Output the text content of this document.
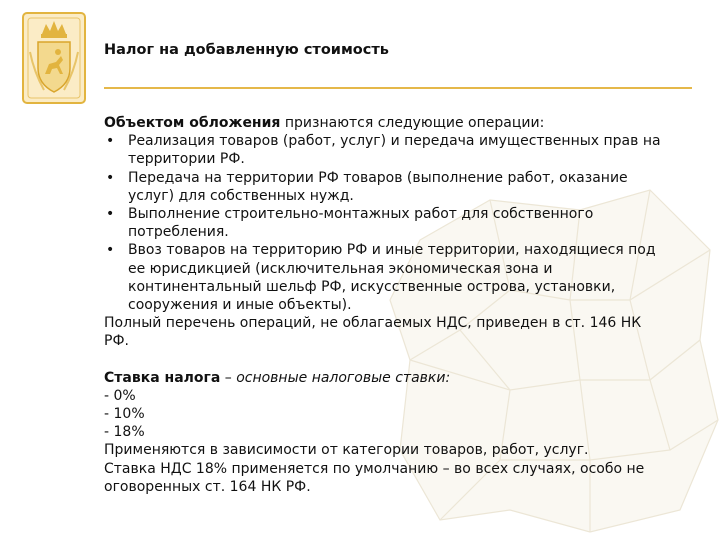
Налог на добавленную стоимость

Объектом обложения признаются следующие операции:

• Реализация товаров (работ, услуг) и передача имущественных прав на территории РФ.
• Передача на территории РФ товаров (выполнение работ, оказание услуг) для собственных нужд.
• Выполнение строительно-монтажных работ для собственного потребления.
• Ввоз товаров на территорию РФ и иные территории, находящиеся под ее юрисдикцией (исключительная экономическая зона и континентальный шельф РФ, искусственные острова, установки, сооружения и иные объекты).

Полный перечень операций, не облагаемых НДС, приведен в ст. 146 НК РФ.

Ставка налога – основные налоговые ставки:

- 0%

- 10%

- 18%

Применяются в зависимости от категории товаров, работ, услуг.

Ставка НДС 18% применяется по умолчанию – во всех случаях, особо не оговоренных ст. 164 НК РФ.
